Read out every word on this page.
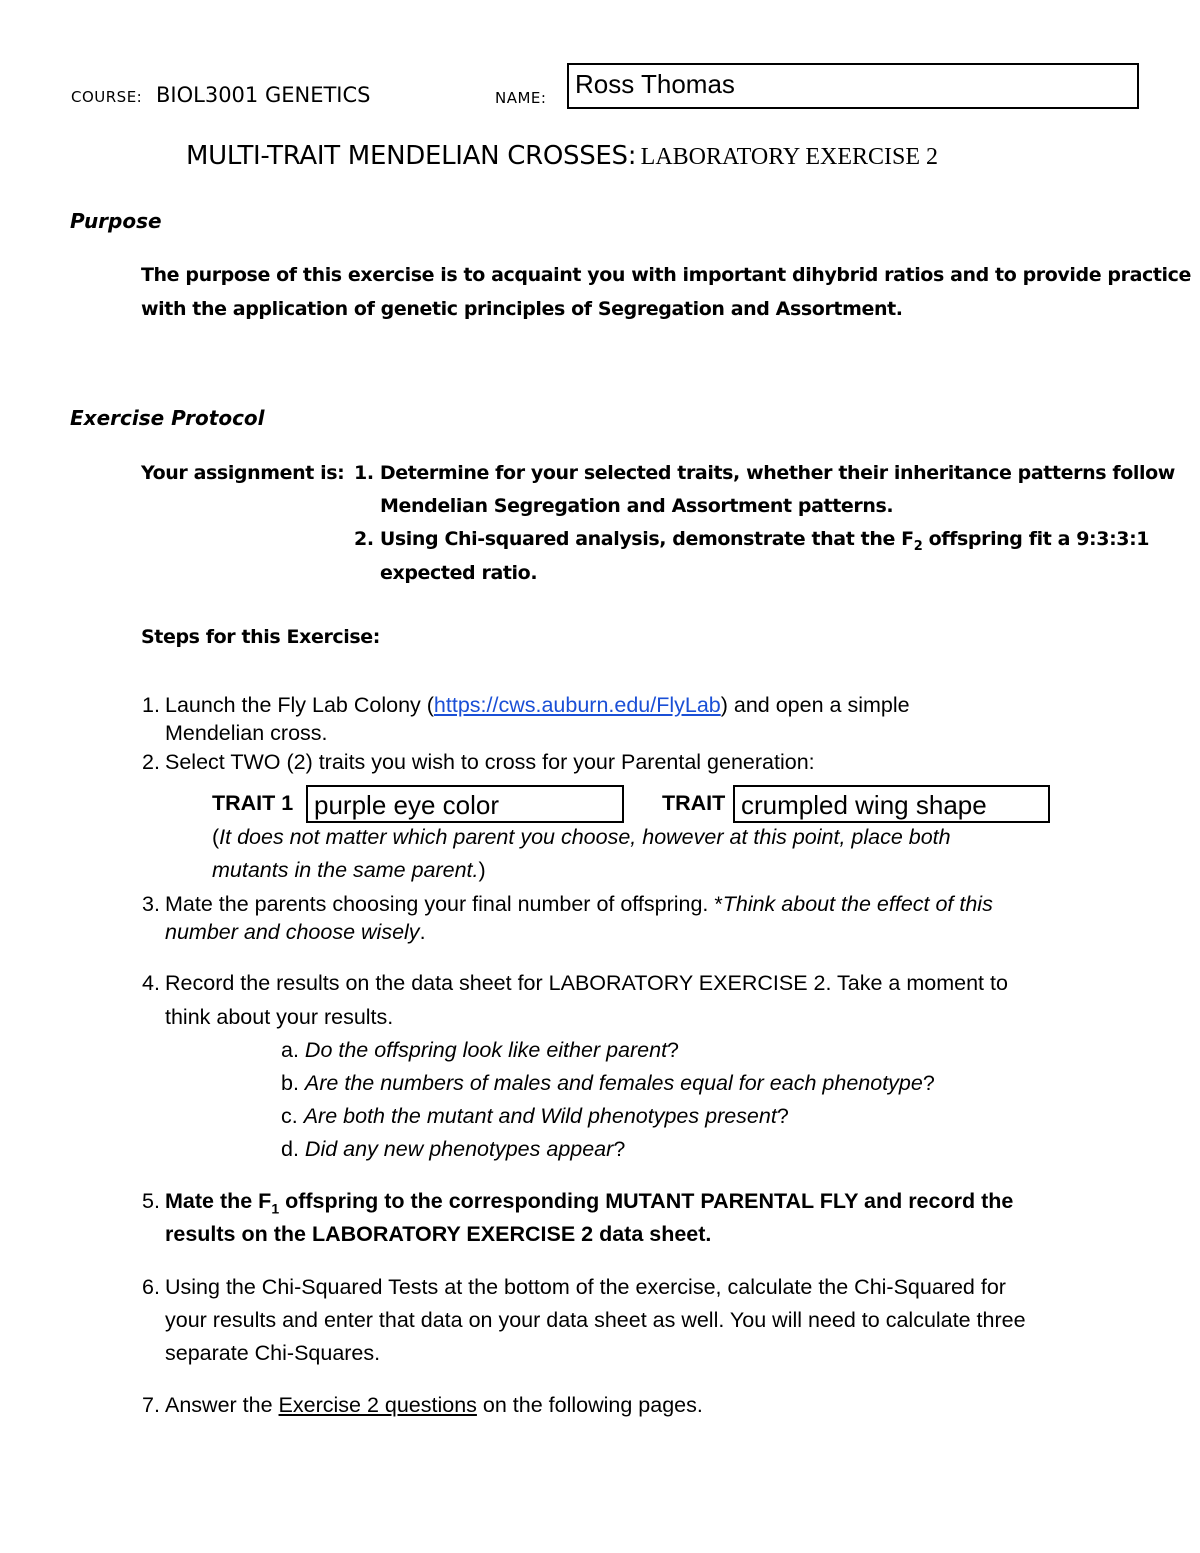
COURSE: BIOL3001 GENETICS	NAME:	Ross Thomas
MULTI-TRAIT MENDELIAN CROSSES: LABORATORY EXERCISE 2
Purpose
The purpose of this exercise is to acquaint you with important dihybrid ratios and to provide practice
with the application of genetic principles of Segregation and Assortment.
Exercise Protocol
Your assignment is: 1. Determine for your selected traits, whether their inheritance patterns follow
Mendelian Segregation and Assortment patterns.
2. Using Chi-squared analysis, demonstrate that the $F_2$ offspring fit a 9:3:3:1
expected ratio.
Steps for this Exercise:
1. Launch the Fly Lab Colony (https://cws.auburn.edu/FlyLab) and open a simple
Mendelian cross.
2. Select TWO (2) traits you wish to cross for your Parental generation:
TRAIT 1 purple eye color	TRAIT crumpled wing shape
(It does not matter which parent you choose, however at this point, place both
mutants in the same parent.)
3. Mate the parents choosing your final number of offspring. *Think about the effect of this
number and choose wisely.
4. Record the results on the data sheet for LABORATORY EXERCISE 2. Take a moment to
think about your results.
a. Do the offspring look like either parent?
b. Are the numbers of males and females equal for each phenotype?
c. Are both the mutant and Wild phenotypes present?
d. Did any new phenotypes appear?
5. Mate the $F_1$ offspring to the corresponding MUTANT PARENTAL FLY and record the
results on the LABORATORY EXERCISE 2 data sheet.
6. Using the Chi-Squared Tests at the bottom of the exercise, calculate the Chi-Squared for
your results and enter that data on your data sheet as well. You will need to calculate three
separate Chi-Squares.
7. Answer the Exercise 2 questions on the following pages.
